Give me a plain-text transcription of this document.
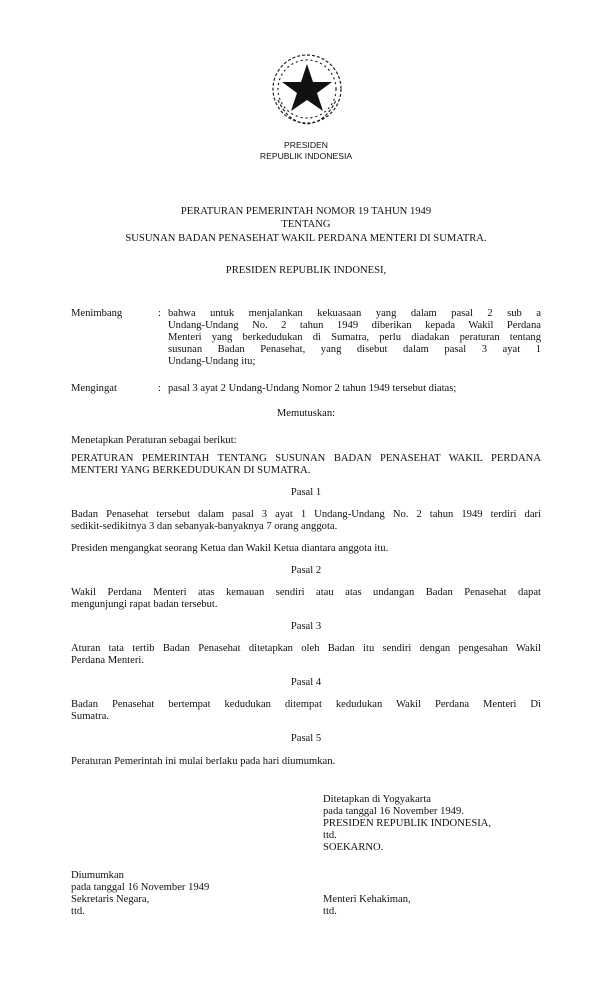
PRESIDEN
REPUBLIK INDONESIA
PERATURAN PEMERINTAH NOMOR 19 TAHUN 1949
TENTANG
SUSUNAN BADAN PENASEHAT WAKIL PERDANA MENTERI DI SUMATRA.
PRESIDEN REPUBLIK INDONESI,
Menimbang	: bahwa untuk menjalankan kekuasaan yang dalam pasal 2 sub a
Undang-Undang No. 2 tahun 1949 diberikan kepada Wakil Perdana
Menteri yang berkedudukan di Sumatra, perlu diadakan peraturan tentang
susunan Badan Penasehat, yang disebut dalam pasal 3 ayat 1
Undang-Undang itu;
Mengingat	: pasal 3 ayat 2 Undang-Undang Nomor 2 tahun 1949 tersebut diatas;
Memutuskan:
Menetapkan Peraturan sebagai berikut:
PERATURAN PEMERINTAH TENTANG SUSUNAN BADAN PENASEHAT WAKIL PERDANA
MENTERI YANG BERKEDUDUKAN DI SUMATRA.
Pasal 1
Badan Penasehat tersebut dalam pasal 3 ayat 1 Undang-Undang No. 2 tahun 1949 terdiri dari
sedikit-sedikitnya 3 dan sebanyak-banyaknya 7 orang anggota.
Presiden mengangkat seorang Ketua dan Wakil Ketua diantara anggota itu.
Pasal 2
Wakil Perdana Menteri atas kemauan sendiri atau atas undangan Badan Penasehat dapat
mengunjungi rapat badan tersebut.
Pasal 3
Aturan tata tertib Badan Penasehat ditetapkan oleh Badan itu sendiri dengan pengesahan Wakil
Perdana Menteri.
Pasal 4
Badan Penasehat bertempat kedudukan ditempat kedudukan Wakil Perdana Menteri Di
Sumatra.
Pasal 5
Peraturan Pemerintah ini mulai berlaku pada hari diumumkan.
Ditetapkan di Yogyakarta
pada tanggal 16 November 1949.
PRESIDEN REPUBLIK INDONESIA,
ttd.
SOEKARNO.
Diumumkan
pada tanggal 16 November 1949
Sekretaris Negara,
ttd.
Menteri Kehakiman,
ttd.
